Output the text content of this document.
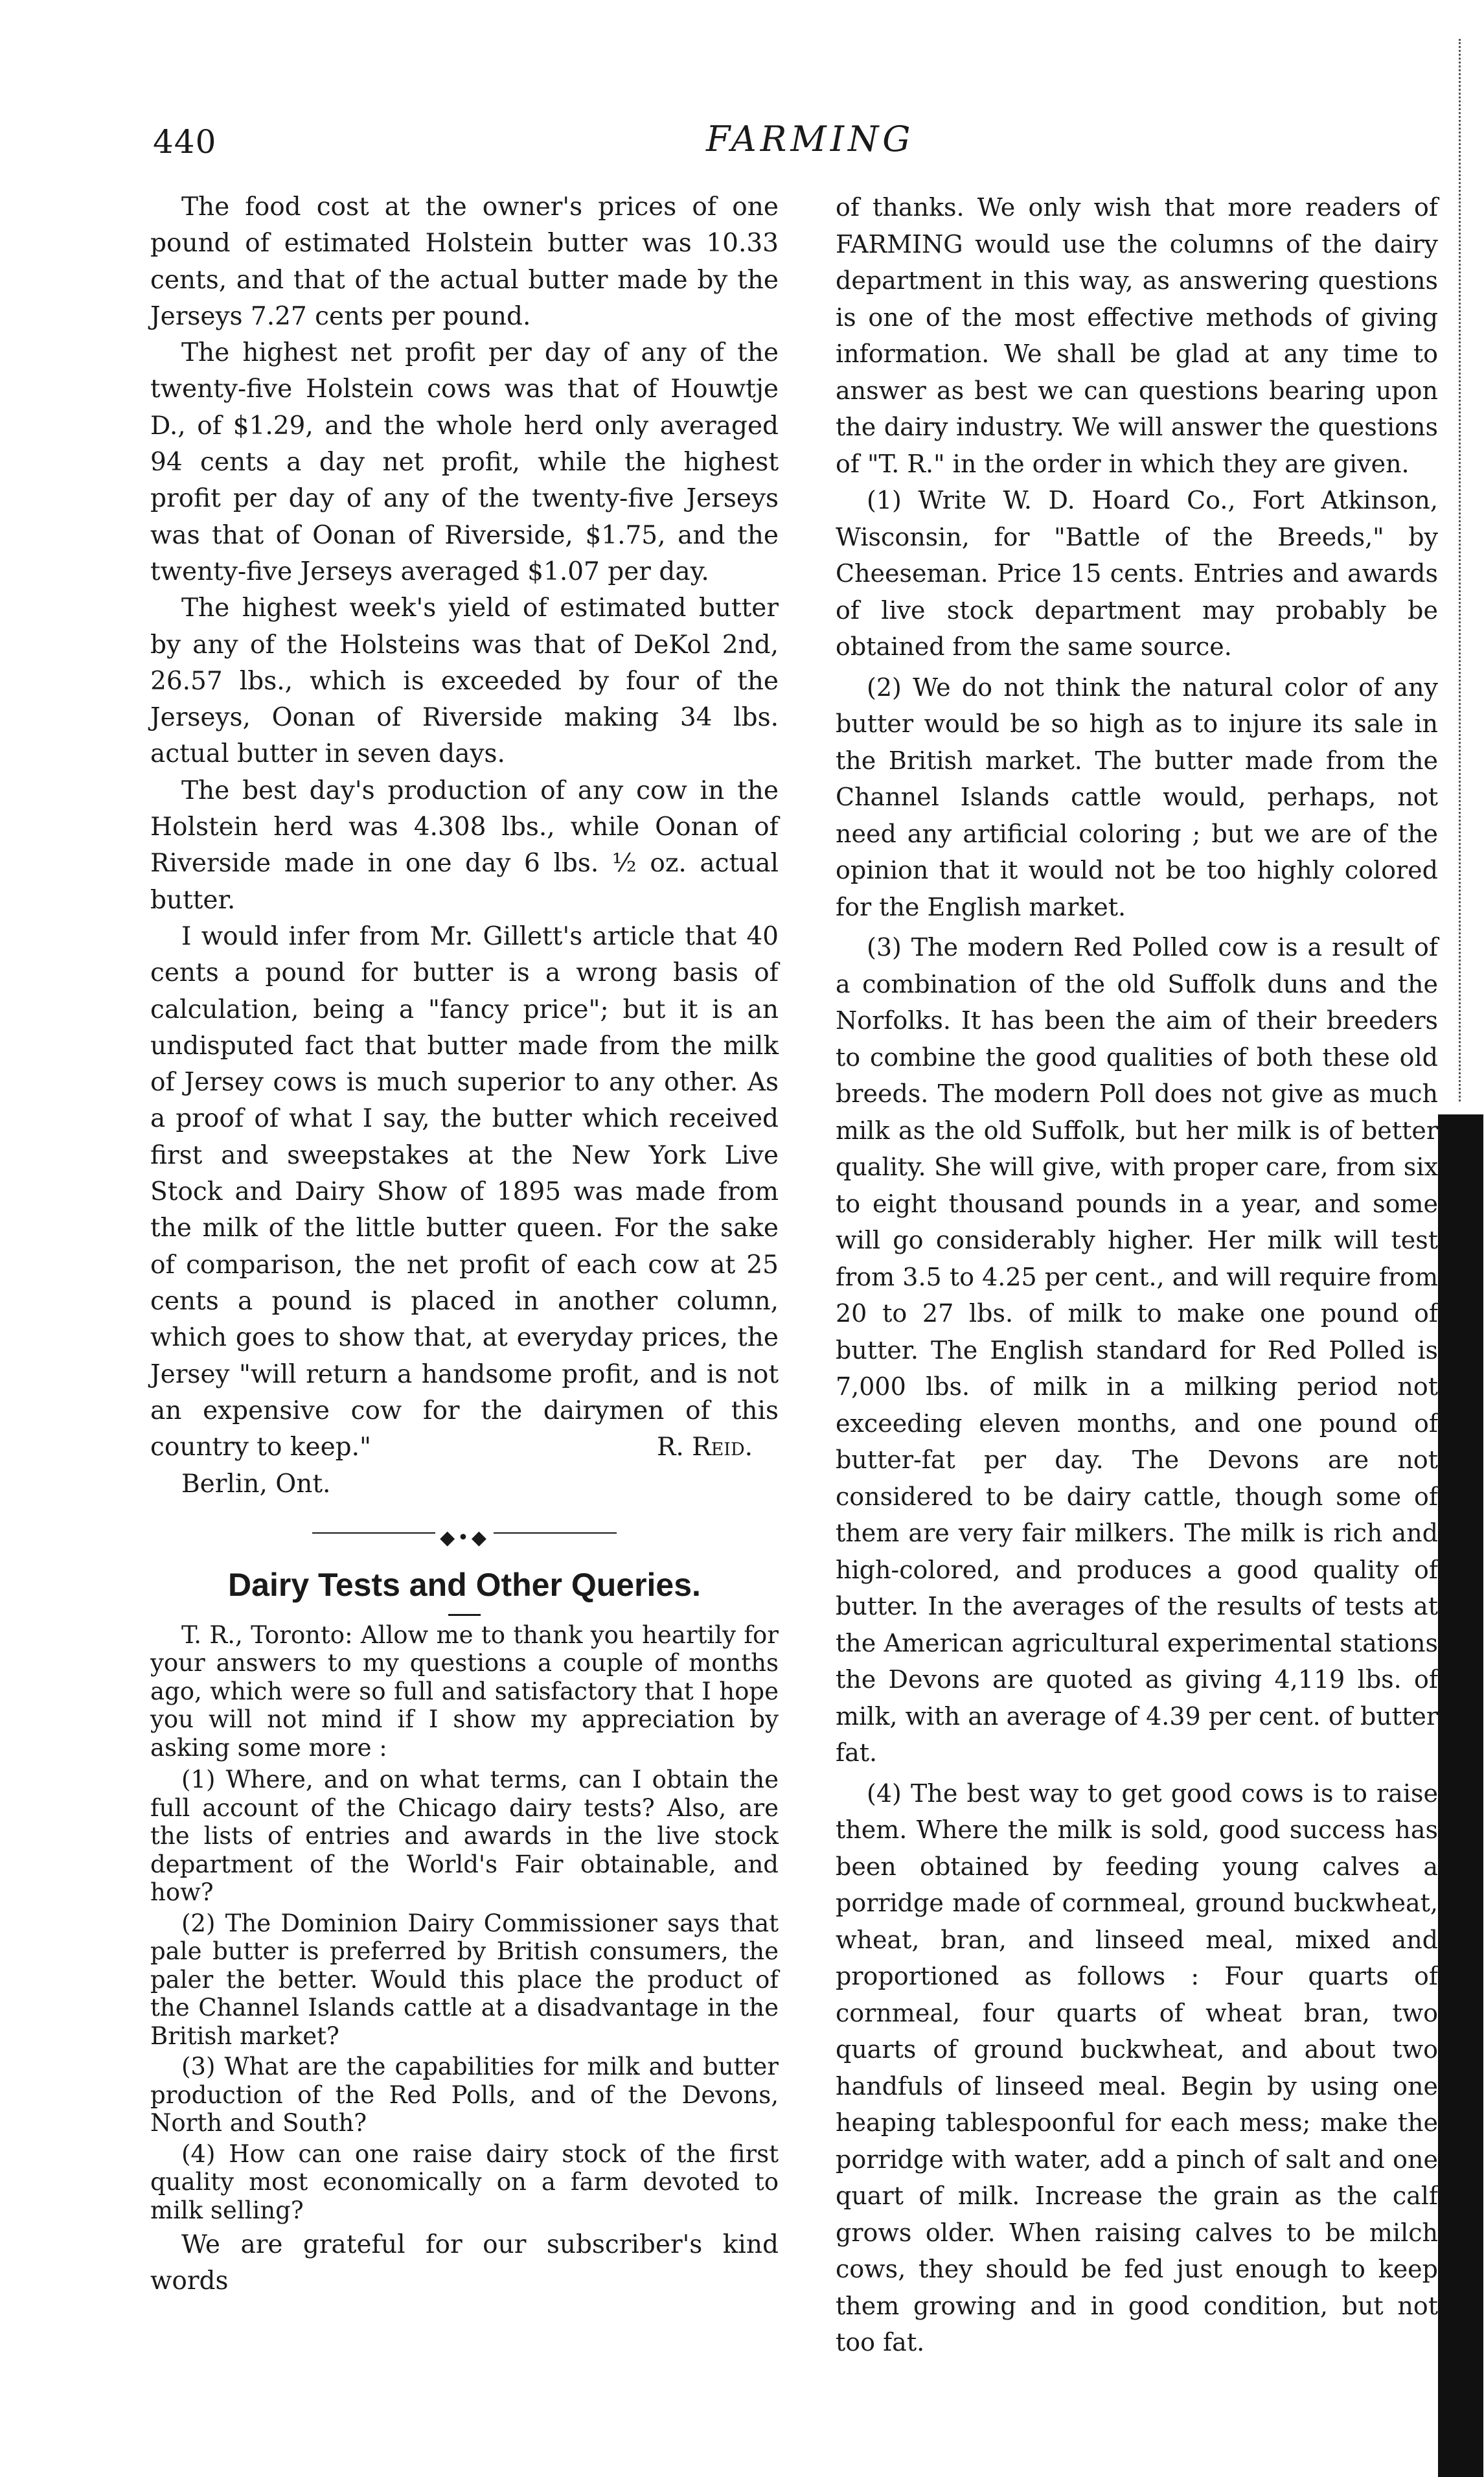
440	FARMING

The food cost at the owner's prices of one pound of estimated Holstein butter was 10.33 cents, and that of the actual butter made by the Jerseys 7.27 cents per pound.

The highest net profit per day of any of the twenty-five Holstein cows was that of Houwtje D., of $1.29, and the whole herd only averaged 94 cents a day net profit, while the highest profit per day of any of the twenty-five Jerseys was that of Oonan of Riverside, $1.75, and the twenty-five Jerseys averaged $1.07 per day.

The highest week's yield of estimated butter by any of the Holsteins was that of DeKol 2nd, 26.57 lbs., which is exceeded by four of the Jerseys, Oonan of Riverside making 34 lbs. actual butter in seven days.

The best day's production of any cow in the Holstein herd was 4.308 lbs., while Oonan of Riverside made in one day 6 lbs. ½ oz. actual butter.

I would infer from Mr. Gillett's article that 40 cents a pound for butter is a wrong basis of calculation, being a "fancy price"; but it is an undisputed fact that butter made from the milk of Jersey cows is much superior to any other. As a proof of what I say, the butter which received first and sweepstakes at the New York Live Stock and Dairy Show of 1895 was made from the milk of the little butter queen. For the sake of comparison, the net profit of each cow at 25 cents a pound is placed in another column, which goes to show that, at everyday prices, the Jersey "will return a handsome profit, and is not an expensive cow for the dairymen of this country to keep."	R. Reid.

Berlin, Ont.

◆•◆
Dairy Tests and Other Queries.

T. R., Toronto: Allow me to thank you heartily for your answers to my questions a couple of months ago, which were so full and satisfactory that I hope you will not mind if I show my appreciation by asking some more :

(1) Where, and on what terms, can I obtain the full account of the Chicago dairy tests? Also, are the lists of entries and awards in the live stock department of the World's Fair obtainable, and how?

(2) The Dominion Dairy Commissioner says that pale butter is preferred by British consumers, the paler the better. Would this place the product of the Channel Islands cattle at a disadvantage in the British market?

(3) What are the capabilities for milk and butter production of the Red Polls, and of the Devons, North and South?

(4) How can one raise dairy stock of the first quality most economically on a farm devoted to milk selling?

We are grateful for our subscriber's kind words

of thanks. We only wish that more readers of FARMING would use the columns of the dairy department in this way, as answering questions is one of the most effective methods of giving information. We shall be glad at any time to answer as best we can questions bearing upon the dairy industry. We will answer the questions of "T. R." in the order in which they are given.

(1) Write W. D. Hoard Co., Fort Atkinson, Wisconsin, for "Battle of the Breeds," by Cheeseman. Price 15 cents. Entries and awards of live stock department may probably be obtained from the same source.

(2) We do not think the natural color of any butter would be so high as to injure its sale in the British market. The butter made from the Channel Islands cattle would, perhaps, not need any artificial coloring ; but we are of the opinion that it would not be too highly colored for the English market.

(3) The modern Red Polled cow is a result of a combination of the old Suffolk duns and the Norfolks. It has been the aim of their breeders to combine the good qualities of both these old breeds. The modern Poll does not give as much milk as the old Suffolk, but her milk is of better quality. She will give, with proper care, from six to eight thousand pounds in a year, and some will go considerably higher. Her milk will test from 3.5 to 4.25 per cent., and will require from 20 to 27 lbs. of milk to make one pound of butter. The English standard for Red Polled is 7,000 lbs. of milk in a milking period not exceeding eleven months, and one pound of butter-fat per day. The Devons are not considered to be dairy cattle, though some of them are very fair milkers. The milk is rich and high-colored, and produces a good quality of butter. In the averages of the results of tests at the American agricultural experimental stations the Devons are quoted as giving 4,119 lbs. of milk, with an average of 4.39 per cent. of butter fat.

(4) The best way to get good cows is to raise them. Where the milk is sold, good success has been obtained by feeding young calves a porridge made of cornmeal, ground buckwheat, wheat, bran, and linseed meal, mixed and proportioned as follows : Four quarts of cornmeal, four quarts of wheat bran, two quarts of ground buckwheat, and about two handfuls of linseed meal. Begin by using one heaping tablespoonful for each mess; make the porridge with water, add a pinch of salt and one quart of milk. Increase the grain as the calf grows older. When raising calves to be milch cows, they should be fed just enough to keep them growing and in good condition, but not too fat.
